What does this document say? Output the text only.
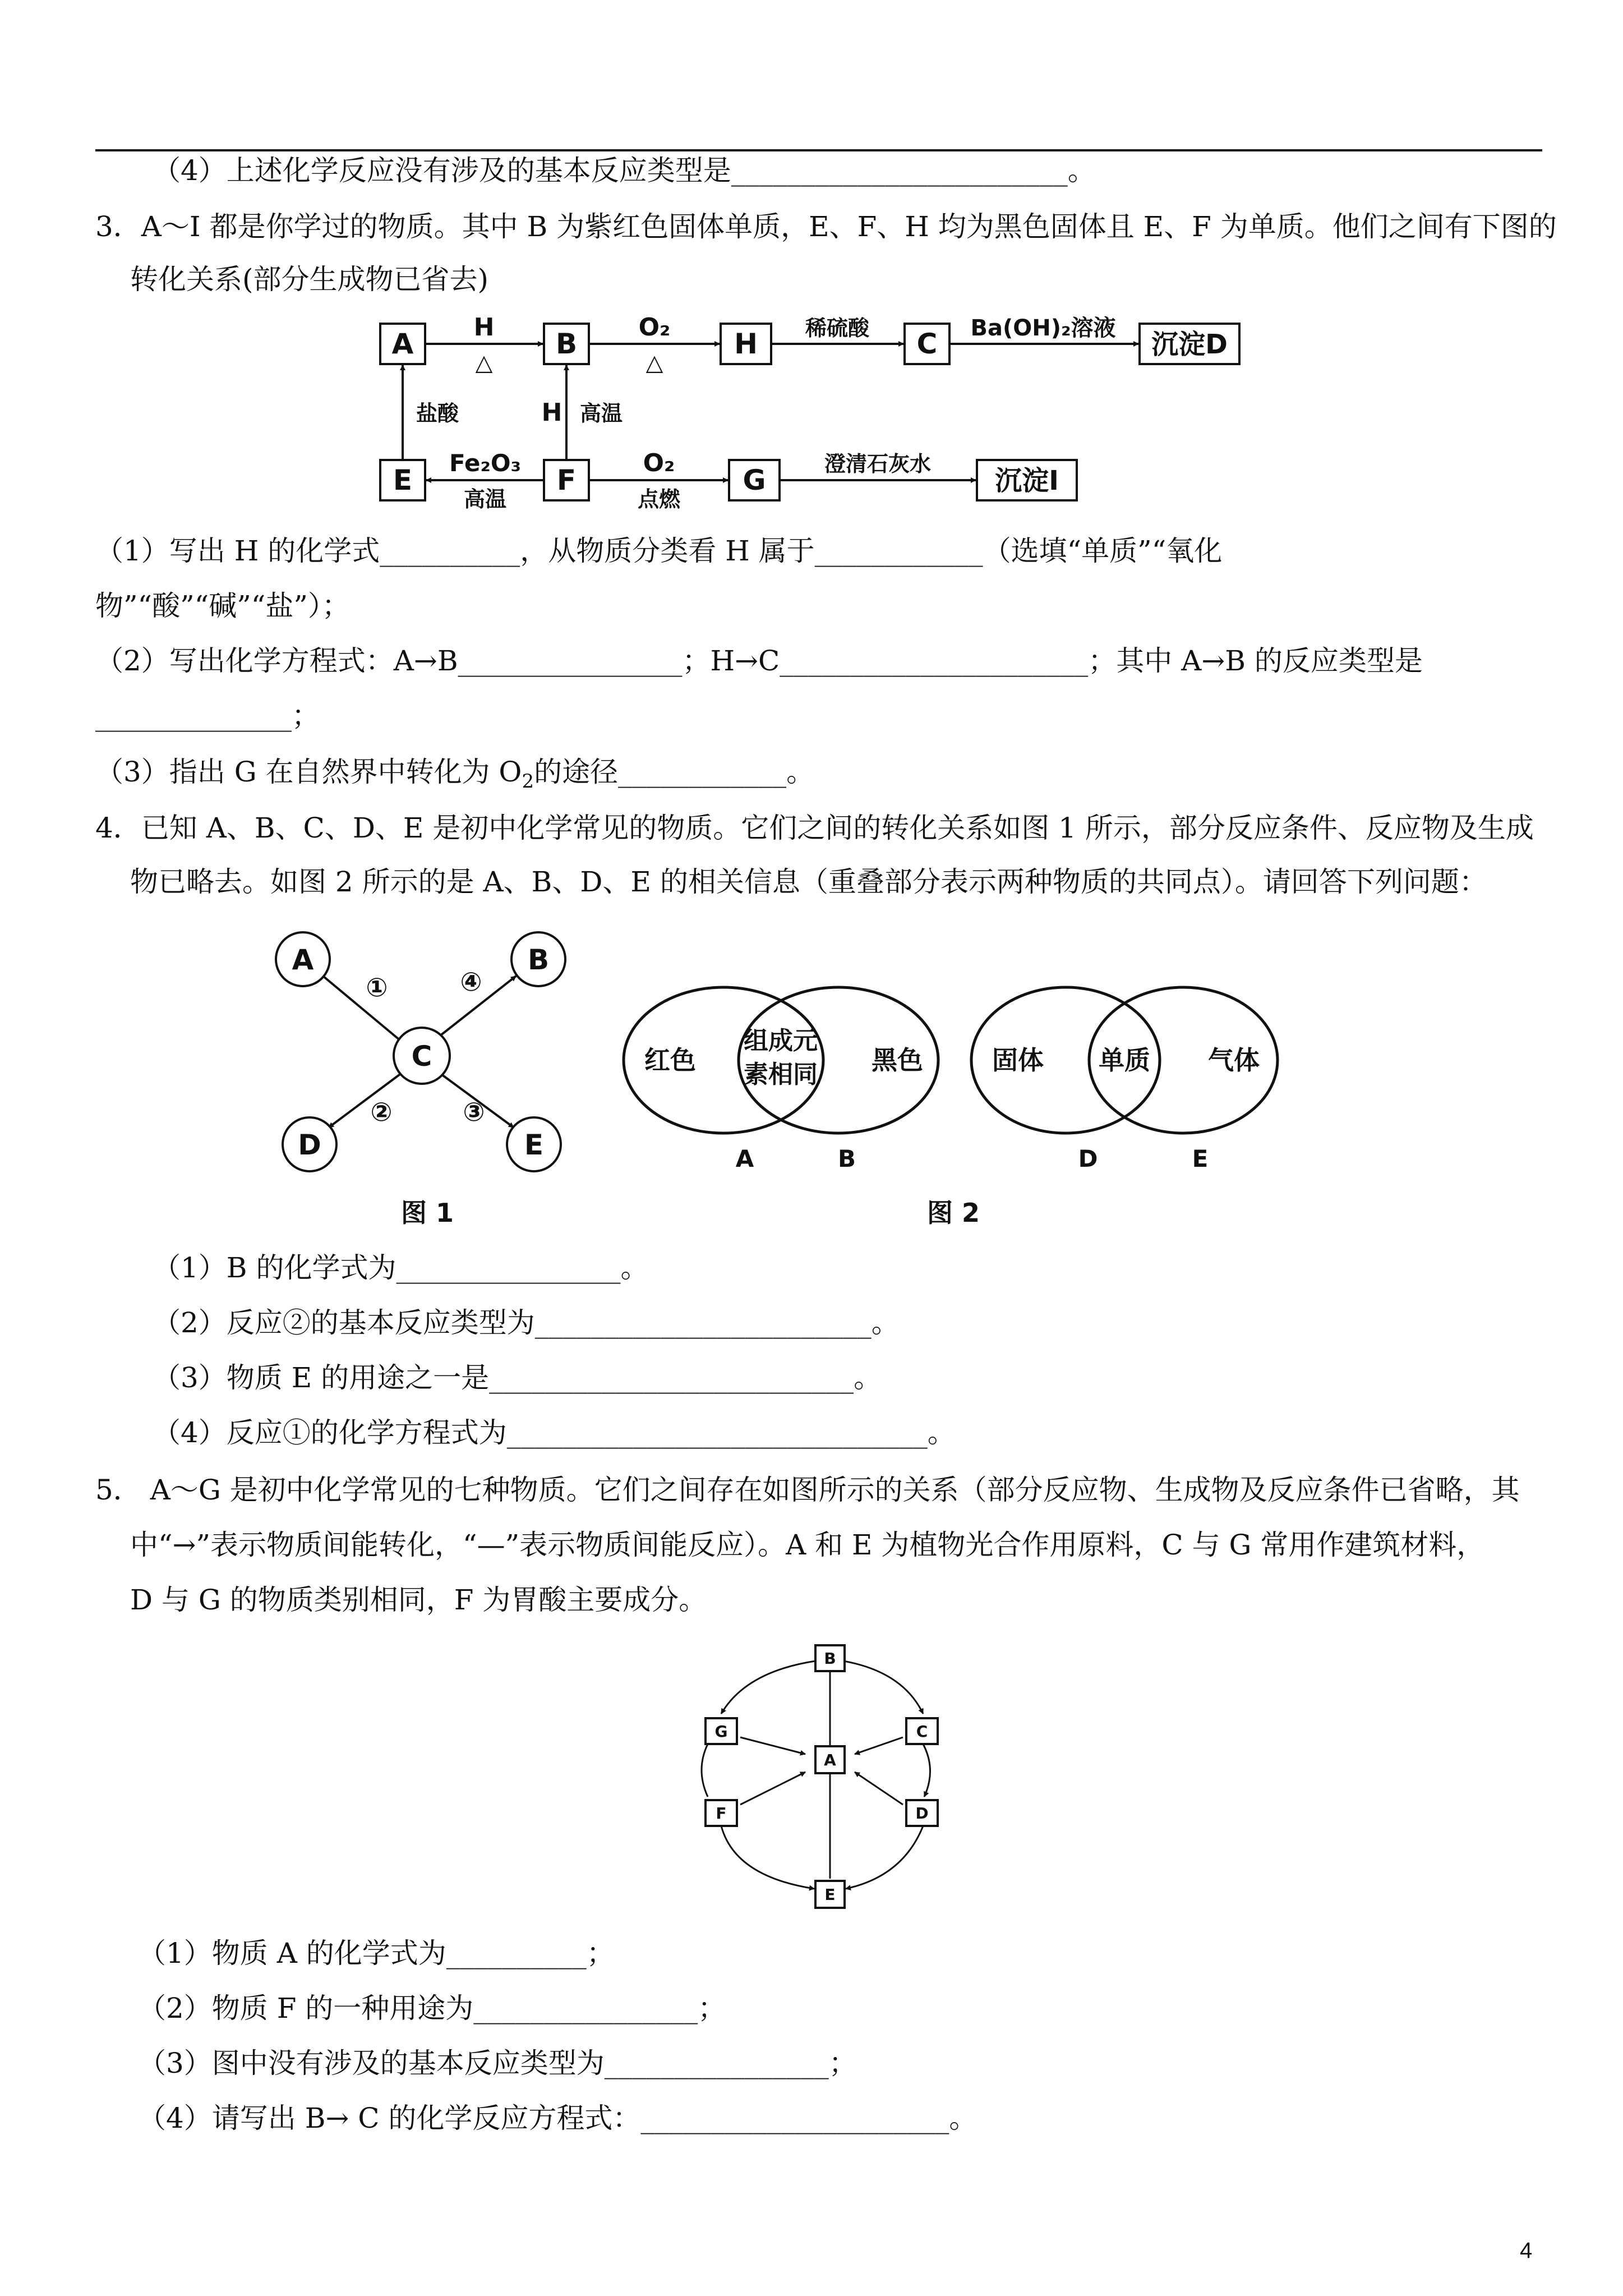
（4）上述化学反应没有涉及的基本反应类型是________________________。
3．A～I 都是你学过的物质。其中 B 为紫红色固体单质，E、F、H 均为黑色固体且 E、F 为单质。他们之间有下图的
转化关系(部分生成物已省去)
A	B	H	C	沉淀D
E	F	G	沉淀I
H
△
O₂
△
稀硫酸	Ba(OH)₂溶液
盐酸	H 高温
Fe₂O₃
高温
O₂
点燃
澄清石灰水
（1）写出 H 的化学式__________，从物质分类看 H 属于____________（选填“单质”“氧化
物”“酸”“碱”“盐”）；
（2）写出化学方程式：A→B________________；H→C______________________；其中 A→B 的反应类型是
______________；
（3）指出 G 在自然界中转化为 $O_2$的途径____________。
4．已知 A、B、C、D、E 是初中化学常见的物质。它们之间的转化关系如图 1 所示，部分反应条件、反应物及生成
物已略去。如图 2 所示的是 A、B、D、E 的相关信息（重叠部分表示两种物质的共同点）。请回答下列问题：
A	B
C
D	E
①	④
②	③
图 1
红色
组成元
素相同 黑色
A	B
固体 单质 气体
D	E
图 2
（1）B 的化学式为________________。
（2）反应②的基本反应类型为________________________。
（3）物质 E 的用途之一是__________________________。
（4）反应①的化学方程式为______________________________。
5． A～G 是初中化学常见的七种物质。它们之间存在如图所示的关系（部分反应物、生成物及反应条件已省略，其
中“→”表示物质间能转化，“—”表示物质间能反应）。A 和 E 为植物光合作用原料，C 与 G 常用作建筑材料，
D 与 G 的物质类别相同，F 为胃酸主要成分。
B
G	C
A
F	D
E
（1）物质 A 的化学式为__________；
（2）物质 F 的一种用途为________________；
（3）图中没有涉及的基本反应类型为________________；
（4）请写出 B→ C 的化学反应方程式：______________________。
4
